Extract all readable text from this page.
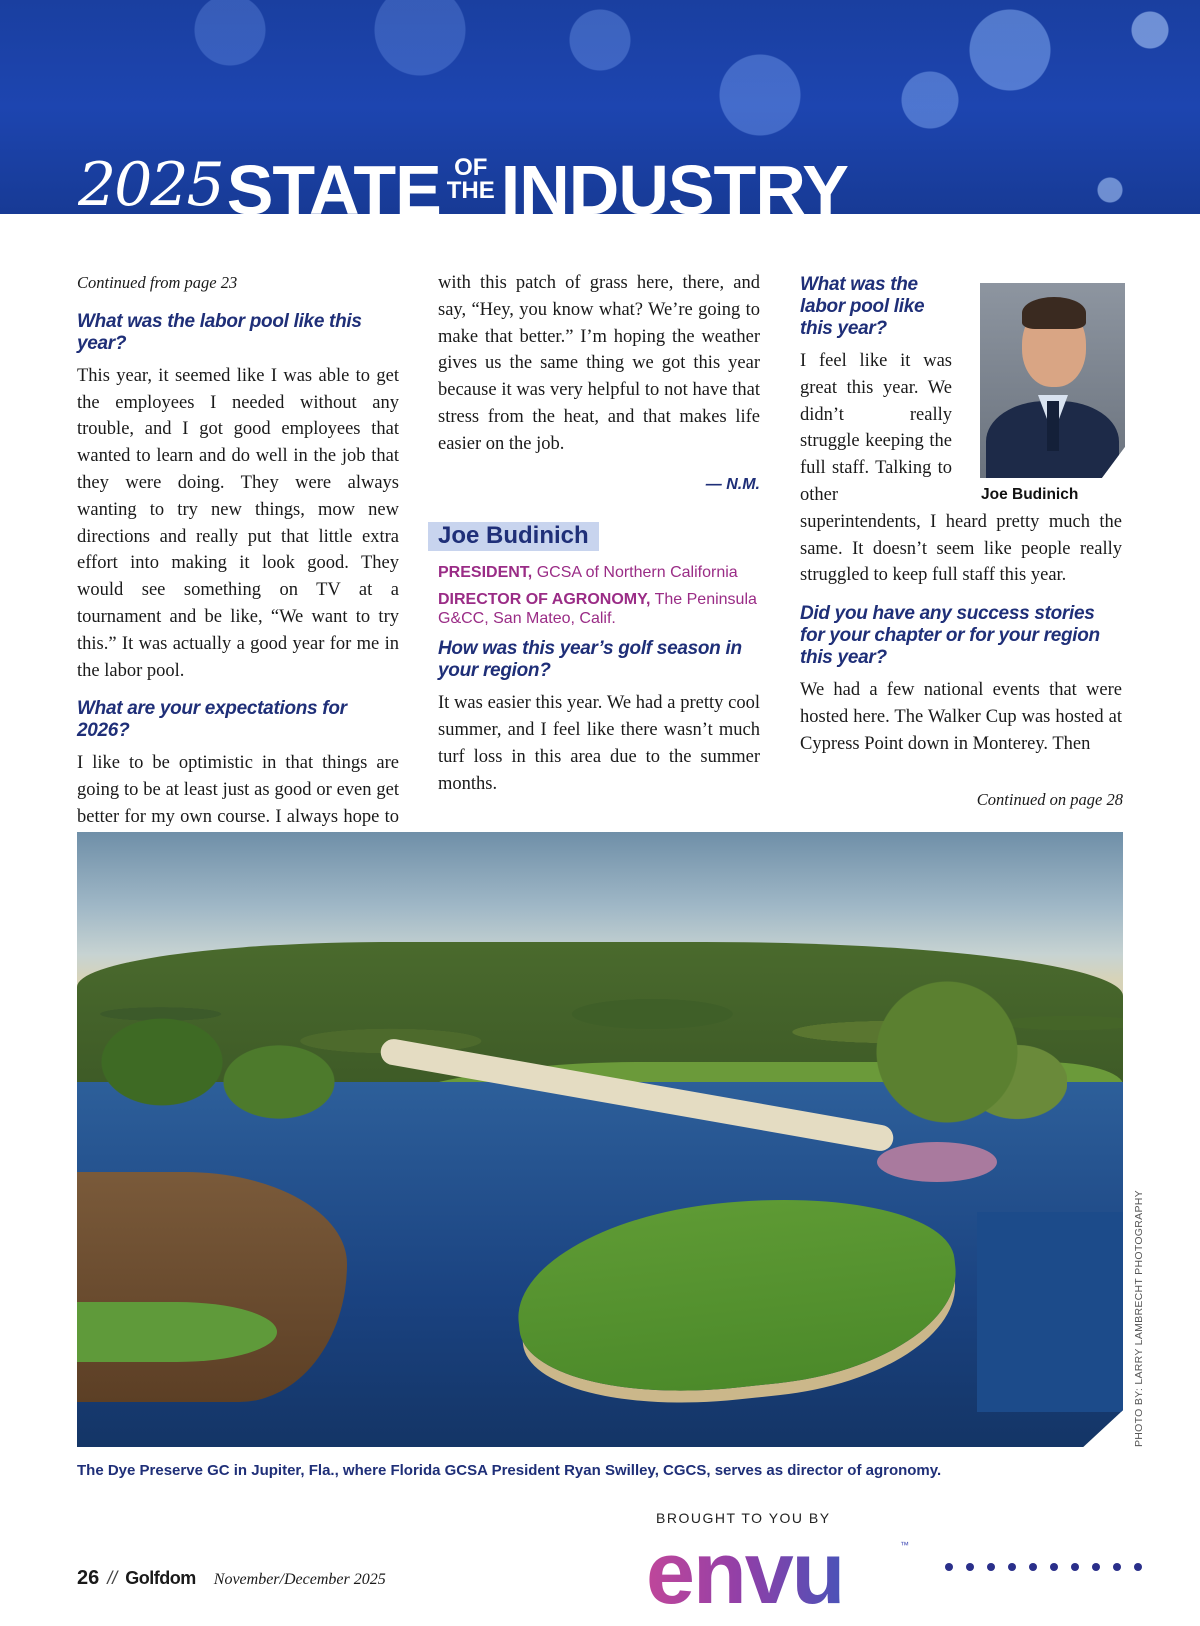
2025 STATE OF
THEINDUSTRY

Continued from page 23

What was the labor pool like this year?

This year, it seemed like I was able to get the employees I needed without any trouble, and I got good employees that wanted to learn and do well in the job that they were doing. They were always wanting to try new things, mow new directions and really put that little extra effort into making it look good. They would see something on TV at a tournament and be like, “We want to try this.” It was actually a good year for me in the labor pool.

What are your expectations for 2026?

I like to be optimistic in that things are going to be at least just as good or even get better for my own course. I always hope to

with this patch of grass here, there, and say, “Hey, you know what? We’re going to make that better.” I’m hoping the weather gives us the same thing we got this year because it was very helpful to not have that stress from the heat, and that makes life easier on the job.

— N.M.

Joe Budinich

PRESIDENT, GCSA of Northern California

DIRECTOR OF AGRONOMY, The Peninsula G&CC, San Mateo, Calif.

How was this year’s golf season in your region?

It was easier this year. We had a pretty cool summer, and I feel like there wasn’t much turf loss in this area due to the summer months.

What was the labor pool like this year?

I feel like it was great this year. We didn’t really struggle keeping the full staff. Talking to other superintendents, I heard pretty much the same. It doesn’t seem like people really struggled to keep full staff this year.

Did you have any success stories for your chapter or for your region this year?

We had a few national events that were hosted here. The Walker Cup was hosted at Cypress Point down in Monterey. Then

Joe Budinich
Continued on page 28
The Dye Preserve GC in Jupiter, Fla., where Florida GCSA President Ryan Swilley, CGCS, serves as director of agronomy.
PHOTO BY: LARRY LAMBRECHT PHOTOGRAPHY
BROUGHT TO YOU BY
envu	™
26 // Golfdom November/December 2025
